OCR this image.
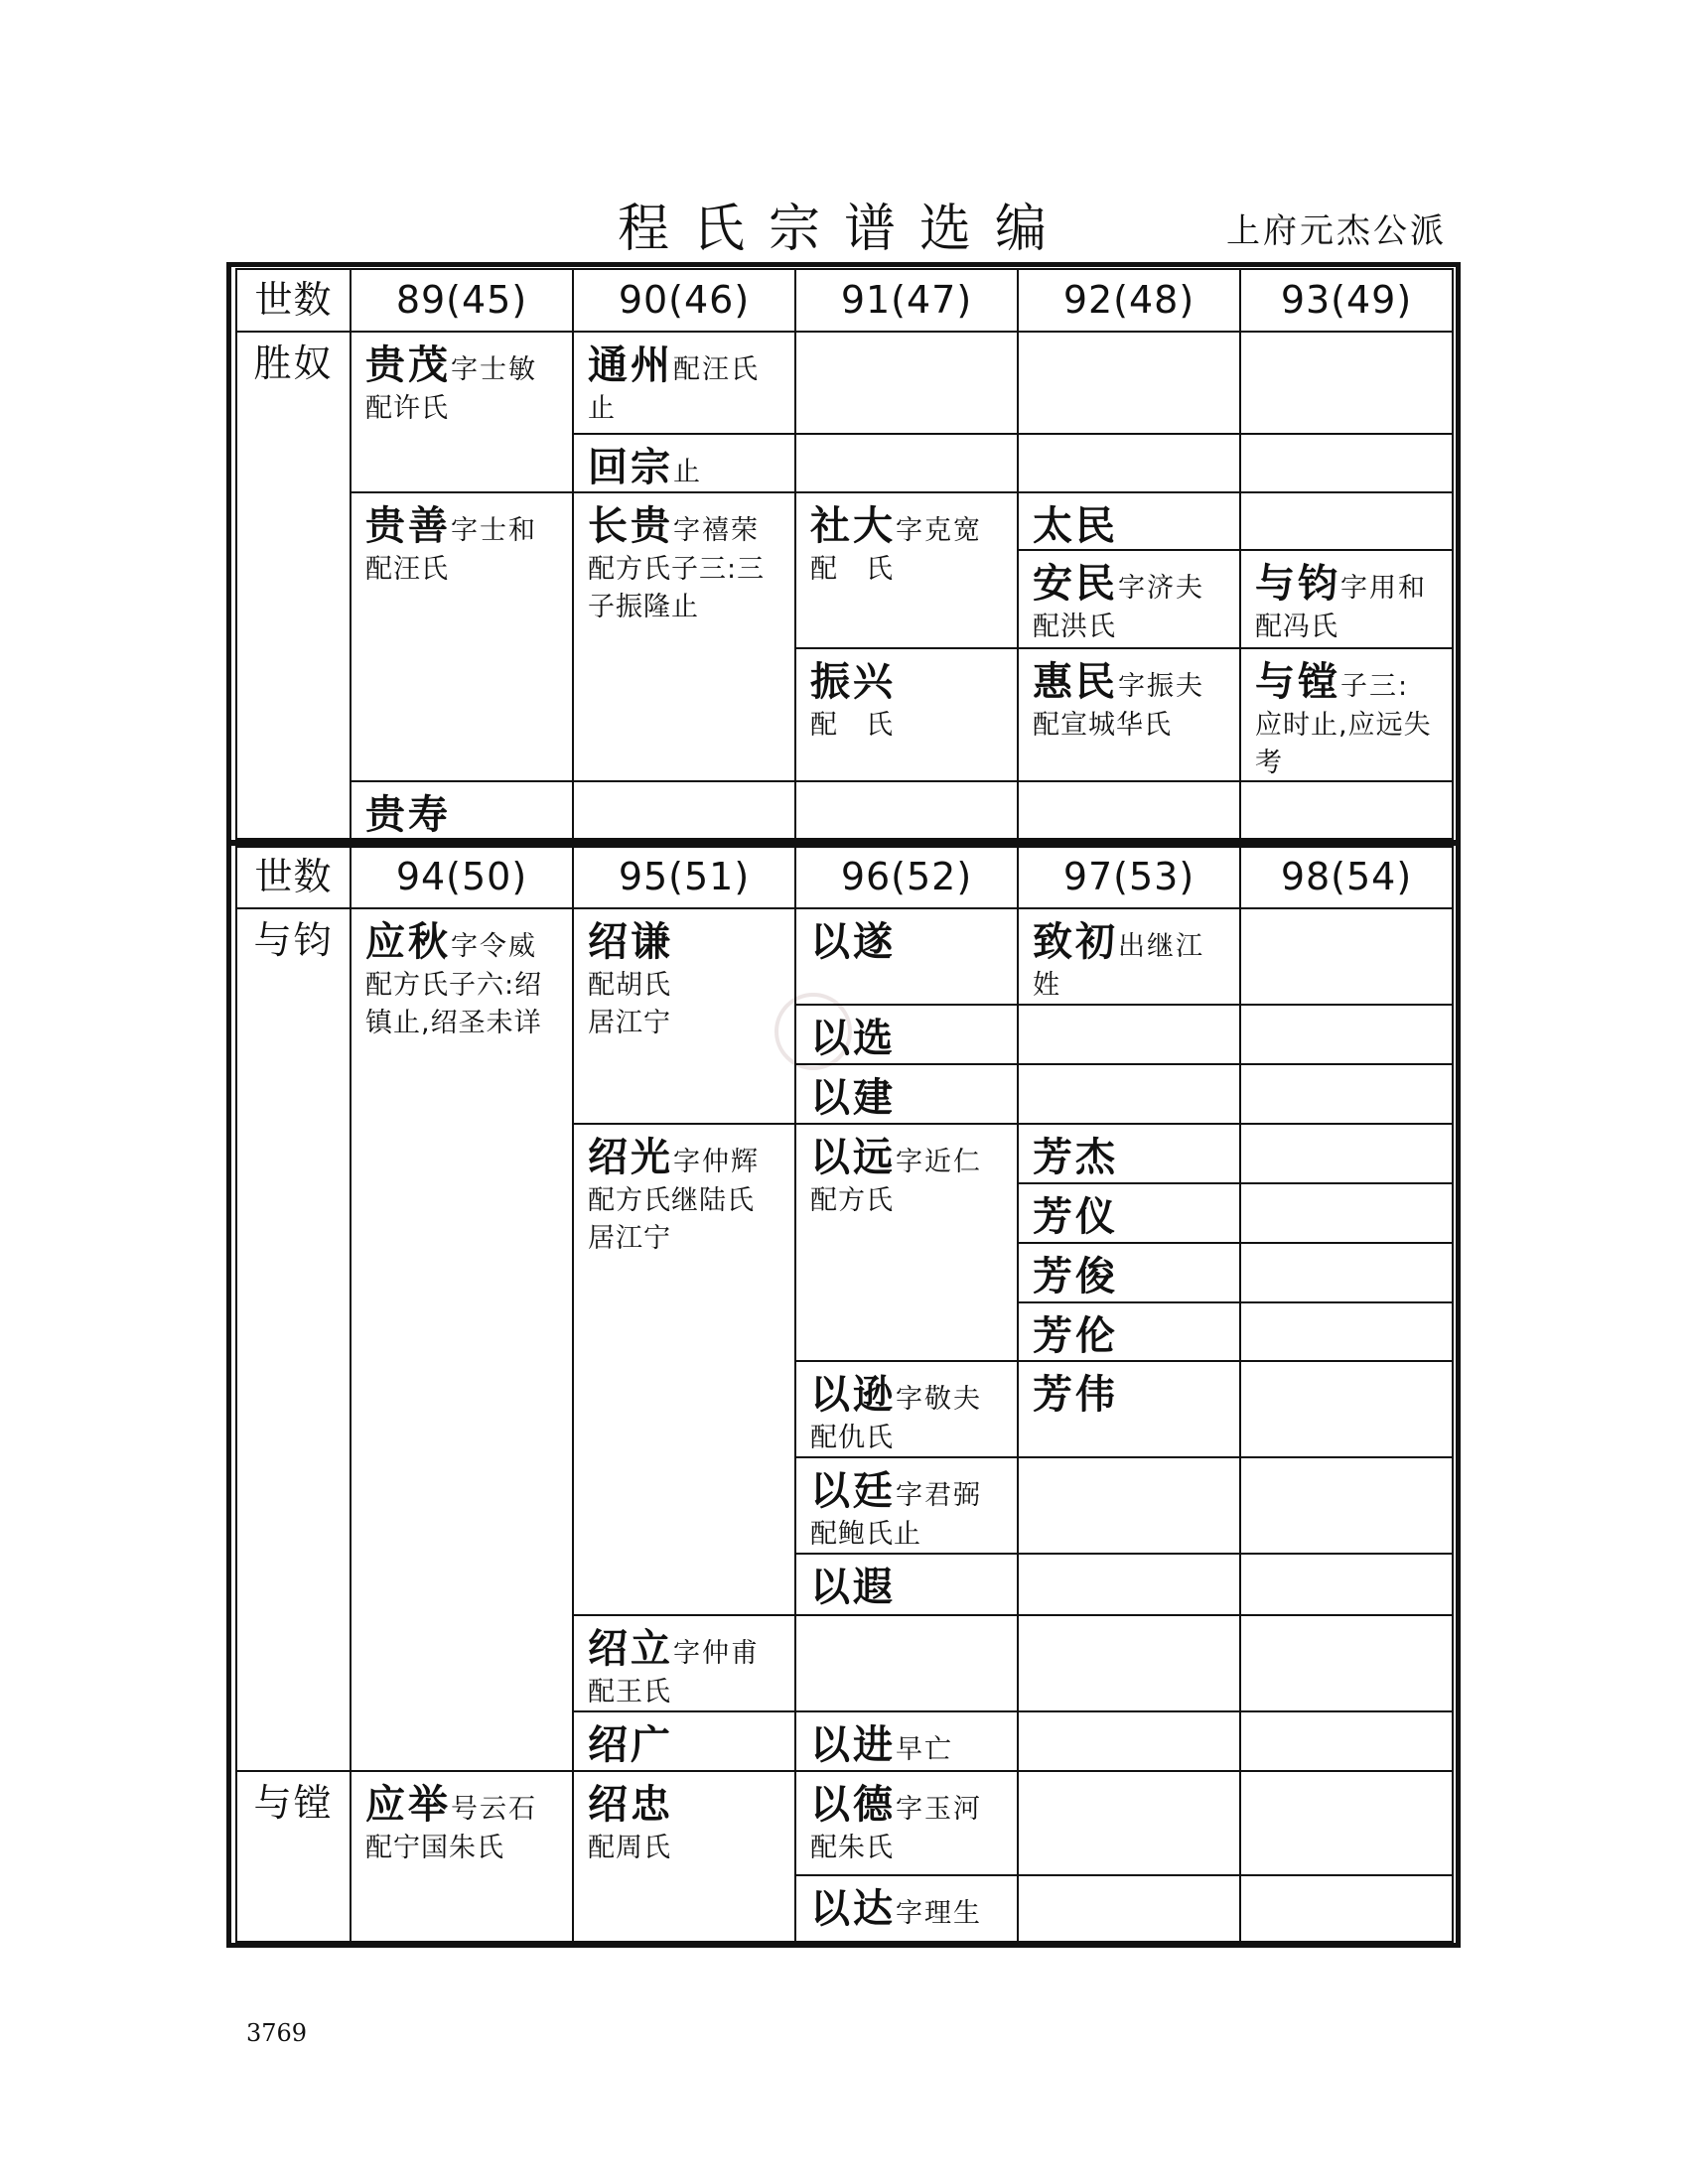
程氏宗谱选编	上府元杰公派
世数 89(45) 90(46) 91(47) 92(48) 93(49)
胜奴 贵茂字士敏
配许氏
贵善字士和
配汪氏
贵寿
通州配汪氏
止
回宗止
长贵字禧荣
配方氏子三:三子振隆止
社大字克宽
配　氏
振兴
配　氏
太民
安民字济夫
配洪氏
惠民字振夫
配宣城华氏
与钧字用和
配冯氏
与镗子三:
应时止,应远失考
世数 94(50) 95(51) 96(52) 97(53) 98(54)
与钧
与镗
应秋字令威
配方氏子六:绍镇止,绍圣未详
应举号云石
配宁国朱氏
绍谦
配胡氏
居江宁
绍光字仲辉
配方氏继陆氏
居江宁
绍立字仲甫
配王氏
绍广
绍忠
配周氏
以遂
以选
以建
以远字近仁
配方氏
以逊字敬夫
配仇氏
以廷字君弼
配鲍氏止
以遐
以进早亡
以德字玉河
配朱氏
以达字理生
致初出继江
姓
芳杰
芳仪
芳俊
芳伦
芳伟
3769
